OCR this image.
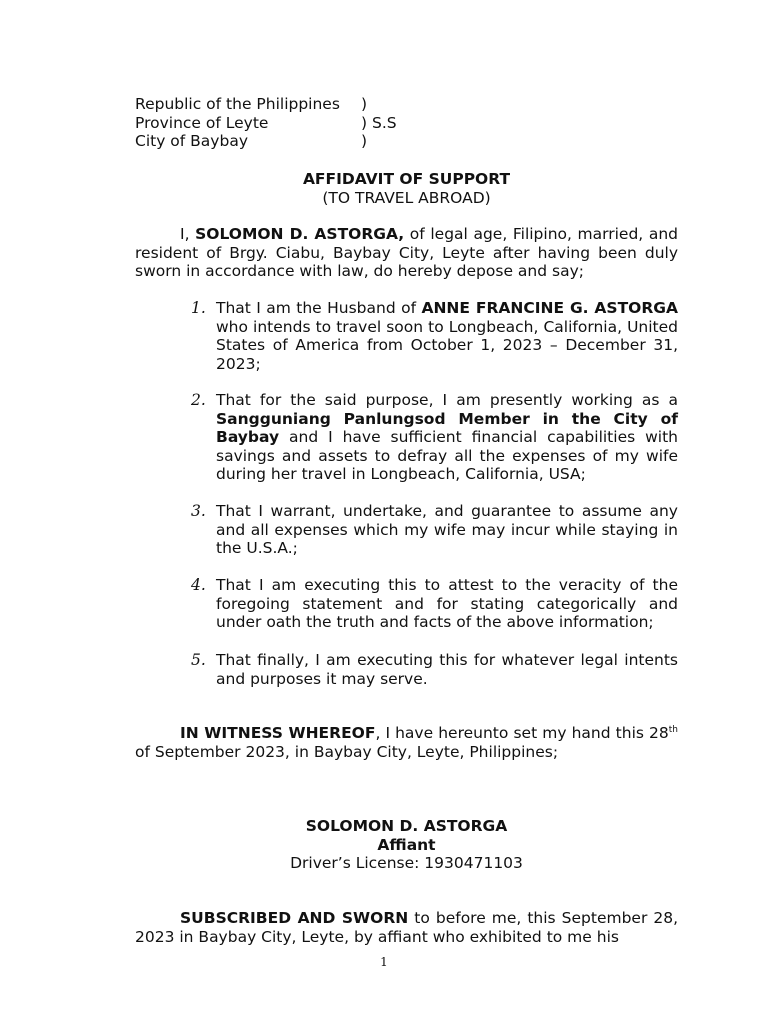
Republic of the Philippines )
Province of Leyte	) S.S
City of Baybay	)
AFFIDAVIT OF SUPPORT
(TO TRAVEL ABROAD)

I, SOLOMON D. ASTORGA, of legal age, Filipino, married, and resident of Brgy. Ciabu, Baybay City, Leyte after having been duly sworn in accordance with law, do hereby depose and say;

1. That I am the Husband of ANNE FRANCINE G. ASTORGA who intends to travel soon to Longbeach, California, United States of America from October 1, 2023 – December 31, 2023;
2. That for the said purpose, I am presently working as a Sangguniang Panlungsod Member in the City of Baybay and I have sufficient financial capabilities with savings and assets to defray all the expenses of my wife during her travel in Longbeach, California, USA;
3. That I warrant, undertake, and guarantee to assume any and all expenses which my wife may incur while staying in the U.S.A.;
4. That I am executing this to attest to the veracity of the foregoing statement and for stating categorically and under oath the truth and facts of the above information;
5. That finally, I am executing this for whatever legal intents and purposes it may serve.

IN WITNESS WHEREOF, I have hereunto set my hand this 28th of September 2023, in Baybay City, Leyte, Philippines;

SOLOMON D. ASTORGA
Affiant
Driver’s License: 1930471103

SUBSCRIBED AND SWORN to before me, this September 28, 2023 in Baybay City, Leyte, by affiant who exhibited to me his

1
